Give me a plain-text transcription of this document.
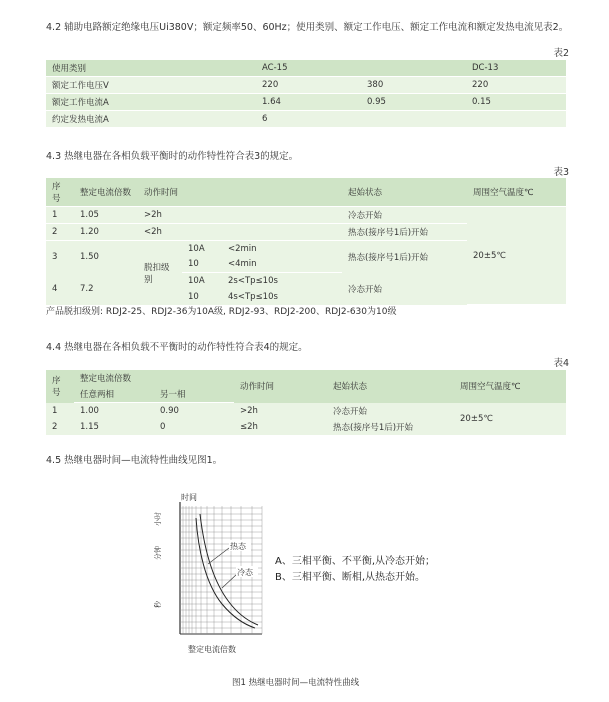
4.2 辅助电路额定绝缘电压Ui380V；额定频率50、60Hz；使用类别、额定工作电压、额定工作电流和额定发热电流见表2。
表2
使用类别	AC-15		DC-13
额定工作电压V	220	380	220
额定工作电流A	1.64	0.95	0.15
约定发热电流A	6		
4.3 热继电器在各相负载平衡时的动作特性符合表3的规定。
表3
序号	整定电流倍数	动作时间			起始状态	周围空气温度℃
1	1.05	>2h			冷态开始	20±5℃
2	1.20	<2h			热态(接序号1后)开始	
3	1.50	脱扣级别	10A	<2min	热态(接序号1后)开始	
			10	<4min		
4	7.2		10A	2s<Tp≤10s	冷态开始	
			10	4s<Tp≤10s		
产品脱扣级别: RDJ2-25、RDJ2-36为10A级, RDJ2-93、RDJ2-200、RDJ2-630为10级
4.4 热继电器在各相负载不平衡时的动作特性符合表4的规定。
表4
序号	整定电流倍数		动作时间	起始状态	周围空气温度℃
	任意两相	另一相			
1	1.00	0.90	>2h	冷态开始	20±5℃
2	1.15	0	≤2h	热态(接序号1后)开始	
4.5 热继电器时间—电流特性曲线见图1。
时间
小时
分钟
秒
热态
冷态
整定电流倍数
A、三相平衡、不平衡,从冷态开始；
B、三相平衡、断相,从热态开始。
图1 热继电器时间—电流特性曲线
